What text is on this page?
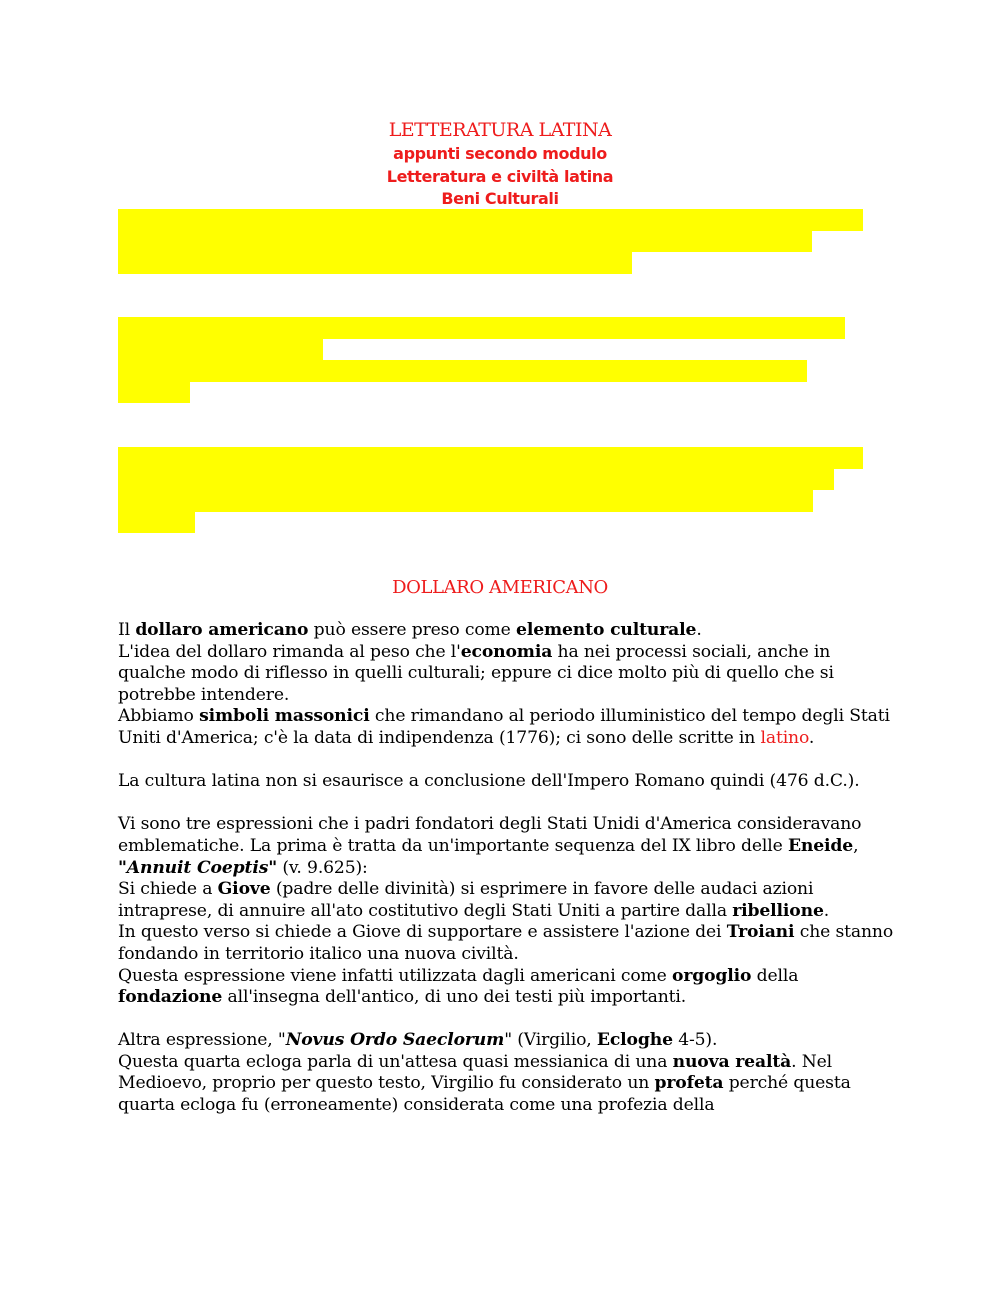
LETTERATURA LATINA
appunti secondo modulo
Letteratura e civiltà latina
Beni Culturali
DOLLARO AMERICANO

Il dollaro americano può essere preso come elemento culturale.

L'idea del dollaro rimanda al peso che l'economia ha nei processi sociali, anche in qualche modo di riflesso in quelli culturali; eppure ci dice molto più di quello che si potrebbe intendere.

Abbiamo simboli massonici che rimandano al periodo illuministico del tempo degli Stati Uniti d'America; c'è la data di indipendenza (1776); ci sono delle scritte in latino.

La cultura latina non si esaurisce a conclusione dell'Impero Romano quindi (476 d.C.).

Vi sono tre espressioni che i padri fondatori degli Stati Unidi d'America consideravano emblematiche. La prima è tratta da un'importante sequenza del IX libro delle Eneide, "Annuit Coeptis" (v. 9.625):

Si chiede a Giove (padre delle divinità) si esprimere in favore delle audaci azioni intraprese, di annuire all'ato costitutivo degli Stati Uniti a partire dalla ribellione.

In questo verso si chiede a Giove di supportare e assistere l'azione dei Troiani che stanno fondando in territorio italico una nuova civiltà.

Questa espressione viene infatti utilizzata dagli americani come orgoglio della fondazione all'insegna dell'antico, di uno dei testi più importanti.

Altra espressione, "Novus Ordo Saeclorum" (Virgilio, Ecloghe 4-5).

Questa quarta ecloga parla di un'attesa quasi messianica di una nuova realtà. Nel Medioevo, proprio per questo testo, Virgilio fu considerato un profeta perché questa quarta ecloga fu (erroneamente) considerata come una profezia della
